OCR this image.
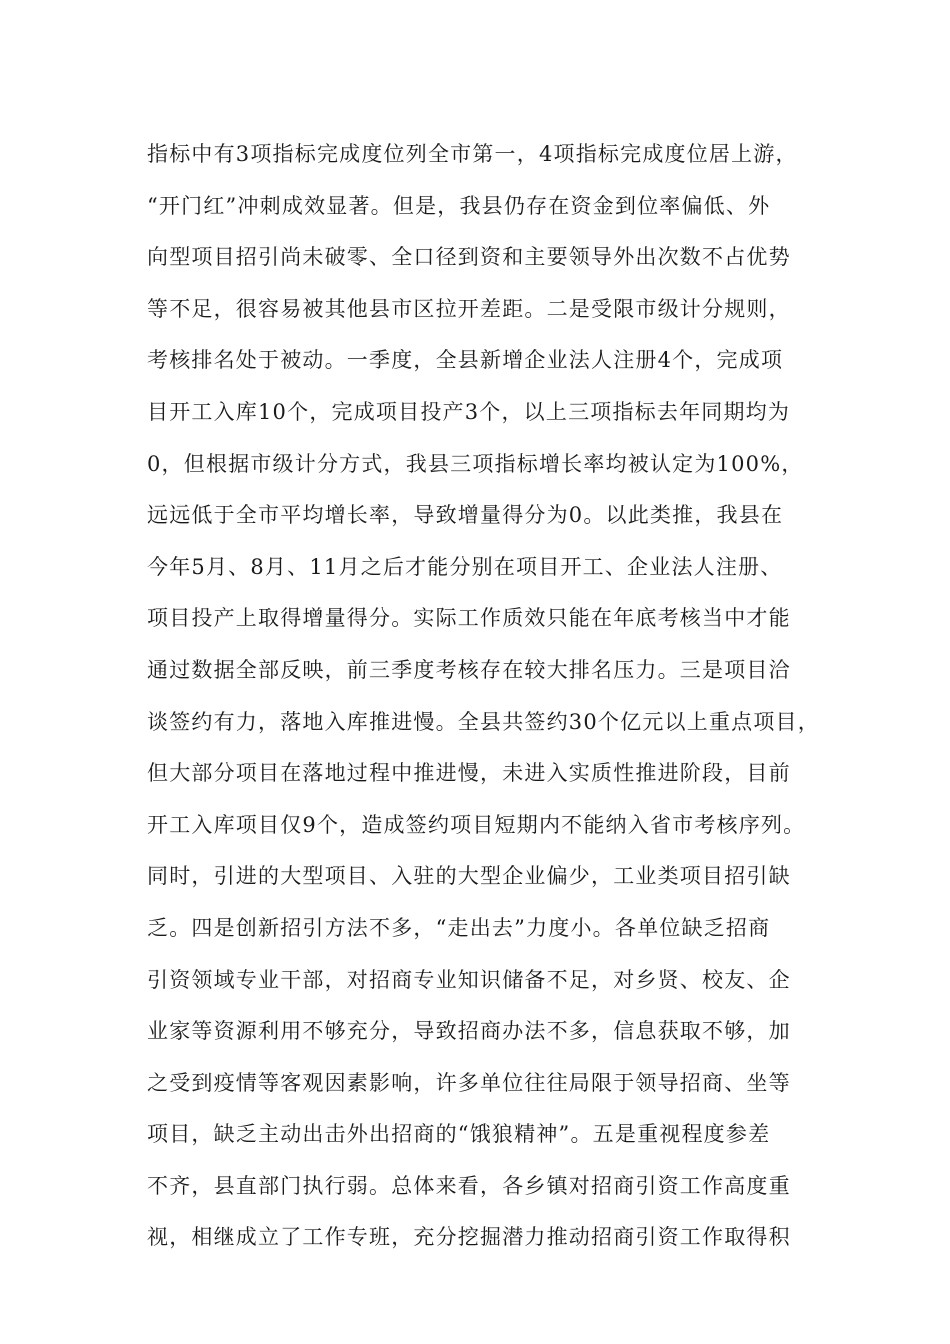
指标中有3项指标完成度位列全市第一，4项指标完成度位居上游，
“开门红”冲刺成效显著。但是，我县仍存在资金到位率偏低、外
向型项目招引尚未破零、全口径到资和主要领导外出次数不占优势
等不足，很容易被其他县市区拉开差距。二是受限市级计分规则，
考核排名处于被动。一季度，全县新增企业法人注册4个，完成项
目开工入库10个，完成项目投产3个，以上三项指标去年同期均为
0，但根据市级计分方式，我县三项指标增长率均被认定为100%，
远远低于全市平均增长率，导致增量得分为0。以此类推，我县在
今年5月、8月、11月之后才能分别在项目开工、企业法人注册、
项目投产上取得增量得分。实际工作质效只能在年底考核当中才能
通过数据全部反映，前三季度考核存在较大排名压力。三是项目洽
谈签约有力，落地入库推进慢。全县共签约30个亿元以上重点项目，
但大部分项目在落地过程中推进慢，未进入实质性推进阶段，目前
开工入库项目仅9个，造成签约项目短期内不能纳入省市考核序列。
同时，引进的大型项目、入驻的大型企业偏少，工业类项目招引缺
乏。四是创新招引方法不多，“走出去”力度小。各单位缺乏招商
引资领域专业干部，对招商专业知识储备不足，对乡贤、校友、企
业家等资源利用不够充分，导致招商办法不多，信息获取不够，加
之受到疫情等客观因素影响，许多单位往往局限于领导招商、坐等
项目，缺乏主动出击外出招商的“饿狼精神”。五是重视程度参差
不齐，县直部门执行弱。总体来看，各乡镇对招商引资工作高度重
视，相继成立了工作专班，充分挖掘潜力推动招商引资工作取得积
